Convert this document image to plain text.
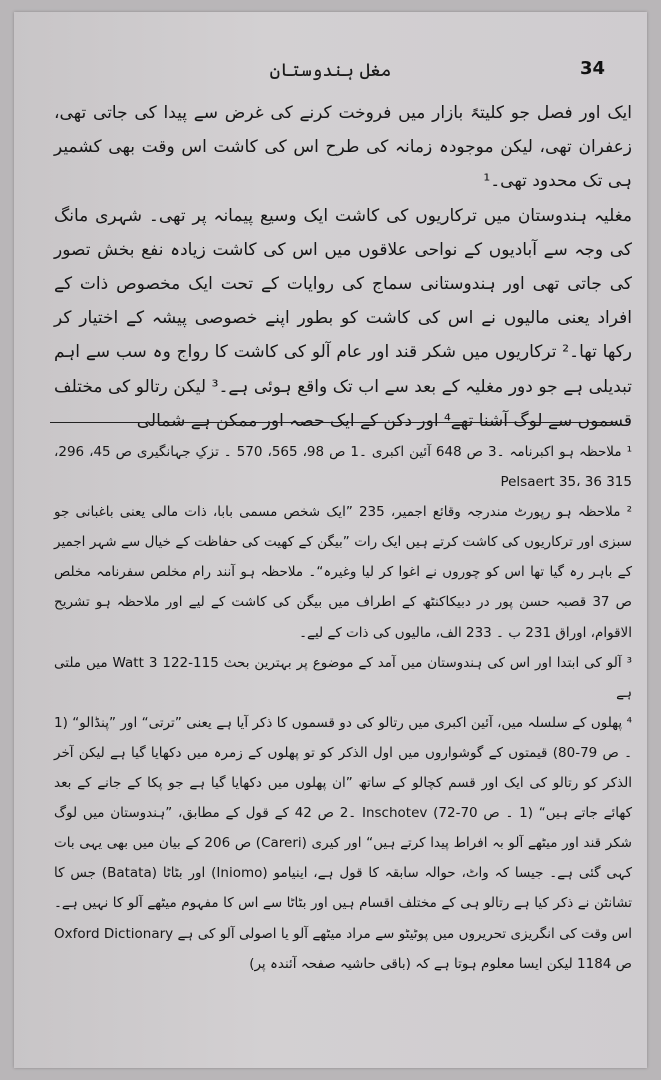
34
مغل ہندوستان

ایک اور فصل جو کلیتہً بازار میں فروخت کرنے کی غرض سے پیدا کی جاتی تھی، زعفران تھی، لیکن موجودہ زمانہ کی طرح اس کی کاشت اس وقت بھی کشمیر ہی تک محدود تھی۔¹

مغلیہ ہندوستان میں ترکاریوں کی کاشت ایک وسیع پیمانہ پر تھی۔ شہری مانگ کی وجہ سے آبادیوں کے نواحی علاقوں میں اس کی کاشت زیادہ نفع بخش تصور کی جاتی تھی اور ہندوستانی سماج کی روایات کے تحت ایک مخصوص ذات کے افراد یعنی مالیوں نے اس کی کاشت کو بطور اپنے خصوصی پیشہ کے اختیار کر رکھا تھا۔² ترکاریوں میں شکر قند اور عام آلو کی کاشت کا رواج وہ سب سے اہم تبدیلی ہے جو دور مغلیہ کے بعد سے اب تک واقع ہوئی ہے۔³ لیکن رتالو کی مختلف قسموں سے لوگ آشنا تھے⁴ اور دکن کے ایک حصہ اور ممکن ہے شمالی

¹ ملاحظہ ہو اکبرنامہ ۔3 ص 648 آئین اکبری ۔1 ص 98، 565، 570 ۔ تزکِ جہانگیری ص 45، 296، 315 Pelsaert 35، 36

² ملاحظہ ہو رپورٹ مندرجہ وقائع اجمیر، 235 ”ایک شخص مسمی بابا، ذات مالی یعنی باغبانی جو سبزی اور ترکاریوں کی کاشت کرتے ہیں ایک رات ”بیگن کے کھیت کی حفاظت کے خیال سے شہر اجمیر کے باہر رہ گیا تھا اس کو چوروں نے اغوا کر لیا وغیرہ“۔ ملاحظہ ہو آنند رام مخلص سفرنامہ مخلص ص 37 قصبہ حسن پور در دبیکاکنٹھ کے اطراف میں بیگن کی کاشت کے لیے اور ملاحظہ ہو تشریح الاقوام، اوراق 231 ب ۔ 233 الف، مالیوں کی ذات کے لیے۔

³ آلو کی ابتدا اور اس کی ہندوستان میں آمد کے موضوع پر بہترین بحث Watt 3 122-115 میں ملتی ہے

⁴ پھلوں کے سلسلہ میں، آئین اکبری میں رتالو کی دو قسموں کا ذکر آیا ہے یعنی ”ترتی“ اور ”پنڈالو“ (1 ۔ ص 79-80) قیمتوں کے گوشواروں میں اول الذکر کو تو پھلوں کے زمرہ میں دکھایا گیا ہے لیکن آخر الذکر کو رتالو کی ایک اور قسم کچالو کے ساتھ ”ان پھلوں میں دکھایا گیا ہے جو پکا کے جانے کے بعد کھائے جاتے ہیں“ (1 ۔ ص 70-72) Inschotev ۔2 ص 42 کے قول کے مطابق، ”ہندوستان میں لوگ شکر قند اور میٹھے آلو بہ افراط پیدا کرتے ہیں“ اور کیری (Careri) ص 206 کے بیان میں بھی یہی بات کہی گئی ہے۔ جیسا کہ واٹ، حوالہ سابقہ کا قول ہے، اینیامو (Iniomo) اور بٹاٹا (Batata) جس کا تشانٹن نے ذکر کیا ہے رتالو ہی کے مختلف اقسام ہیں اور بٹاٹا سے اس کا مفہوم میٹھے آلو کا نہیں ہے۔ اس وقت کی انگریزی تحریروں میں پوٹیٹو سے مراد میٹھے آلو یا اصولی آلو کی ہے Oxford Dictionary ص 1184 لیکن ایسا معلوم ہوتا ہے کہ (باقی حاشیہ صفحہ آئندہ پر)
